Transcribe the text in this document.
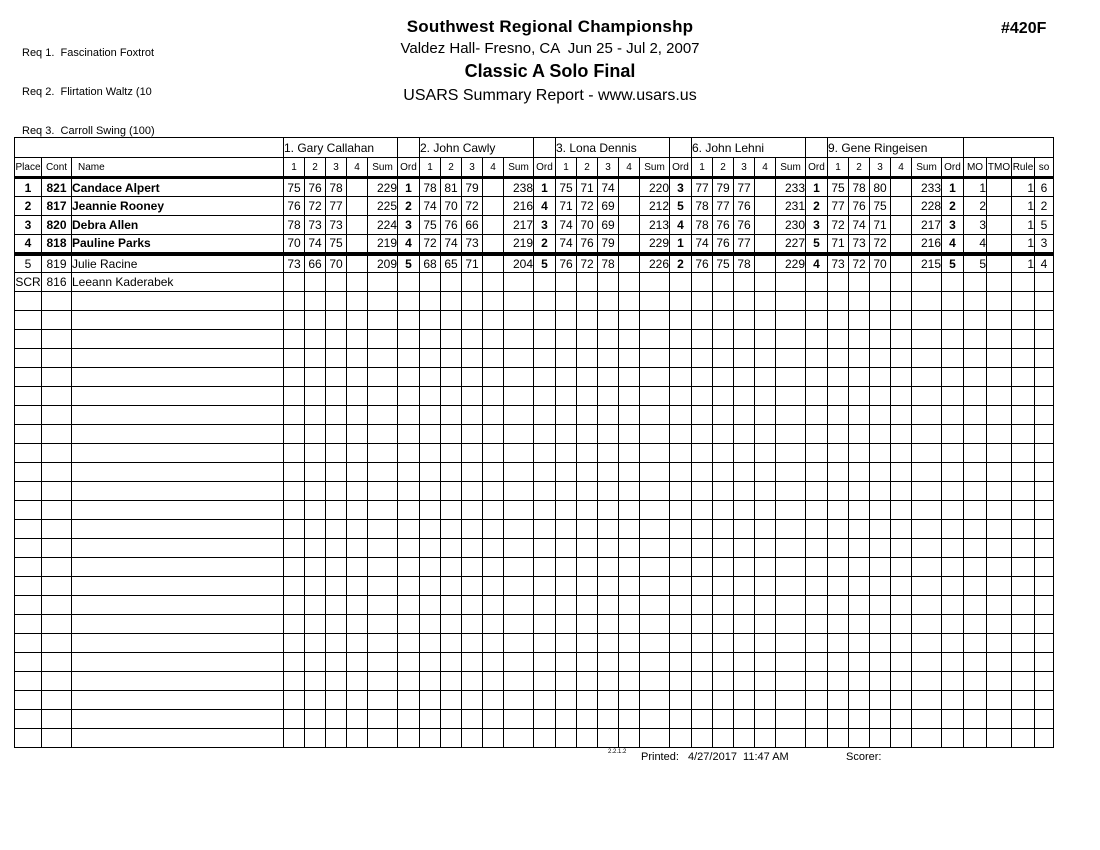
Req 1.  Fascination Foxtrot

Req 2.  Flirtation Waltz (10

Req 3.  Carroll Swing (100)

Southwest Regional Championshp
Valdez Hall- Fresno, CA  Jun 25 - Jul 2, 2007
Classic A Solo Final
USARS Summary Report - www.usars.us
#420F
			1. Gary Callahan						2. John Cawly						3. Lona Dennis						6. John Lehni						9. Gene Ringeisen									
Place	Cont	Name	1	2	3	4	Sum	Ord	1	2	3	4	Sum	Ord	1	2	3	4	Sum	Ord	1	2	3	4	Sum	Ord	1	2	3	4	Sum	Ord	MO	TMO	Rule	so
1	821	Candace Alpert	75	76	78		229	1	78	81	79		238	1	75	71	74		220	3	77	79	77		233	1	75	78	80		233	1	1		1	6
2	817	Jeannie Rooney	76	72	77		225	2	74	70	72		216	4	71	72	69		212	5	78	77	76		231	2	77	76	75		228	2	2		1	2
3	820	Debra Allen	78	73	73		224	3	75	76	66		217	3	74	70	69		213	4	78	76	76		230	3	72	74	71		217	3	3		1	5
4	818	Pauline Parks	70	74	75		219	4	72	74	73		219	2	74	76	79		229	1	74	76	77		227	5	71	73	72		216	4	4		1	3
5	819	Julie Racine	73	66	70		209	5	68	65	71		204	5	76	72	78		226	2	76	75	78		229	4	73	72	70		215	5	5		1	4
SCR	816	Leeann Kaderabek																																		

2.2.1.2 Printed: 4/27/2017  11:47 AM	Scorer:
